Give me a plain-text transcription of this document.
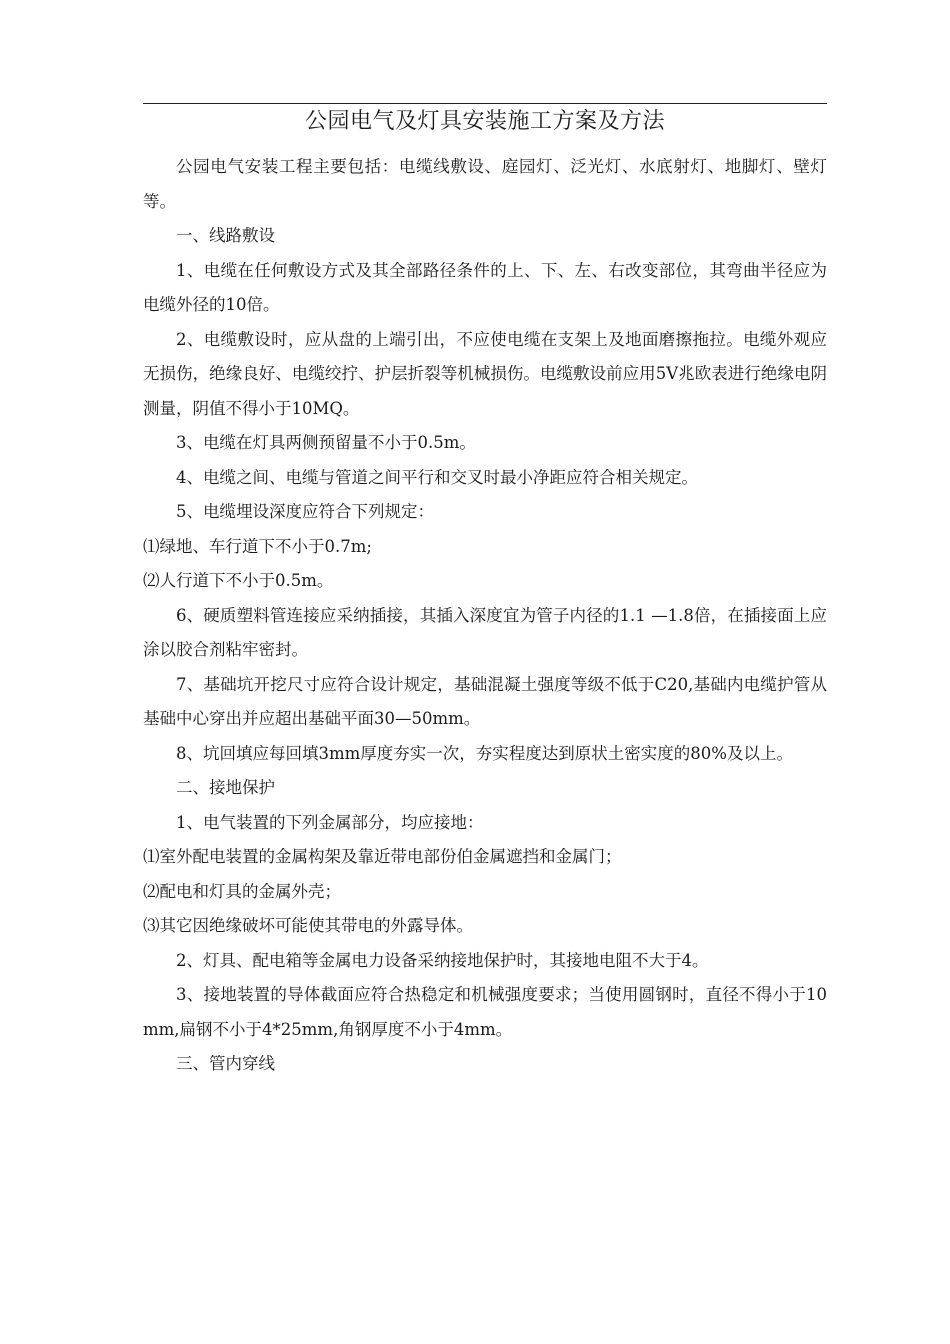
公园电气及灯具安装施工方案及方法

公园电气安装工程主要包括：电缆线敷设、庭园灯、泛光灯、水底射灯、地脚灯、壁灯等。

一、线路敷设

1、电缆在任何敷设方式及其全部路径条件的上、下、左、右改变部位，其弯曲半径应为电缆外径的10倍。

2、电缆敷设时，应从盘的上端引出，不应使电缆在支架上及地面磨擦拖拉。电缆外观应无损伤，绝缘良好、电缆绞拧、护层折裂等机械损伤。电缆敷设前应用5V兆欧表进行绝缘电阴测量，阴值不得小于10MQ。

3、电缆在灯具两侧预留量不小于0.5m。

4、电缆之间、电缆与管道之间平行和交叉时最小净距应符合相关规定。

5、电缆埋设深度应符合下列规定：

⑴绿地、车行道下不小于0.7m;

⑵人行道下不小于0.5m。

6、硬质塑料管连接应采纳插接，其插入深度宜为管子内径的1.1 —1.8倍，在插接面上应涂以胶合剂粘牢密封。

7、基础坑开挖尺寸应符合设计规定，基础混凝土强度等级不低于C20,基础内电缆护管从基础中心穿出并应超出基础平面30—50mm。

8、坑回填应每回填3mm厚度夯实一次，夯实程度达到原状土密实度的80%及以上。

二、接地保护

1、电气装置的下列金属部分，均应接地：

⑴室外配电装置的金属构架及靠近带电部份伯金属遮挡和金属门；

⑵配电和灯具的金属外壳；

⑶其它因绝缘破坏可能使其带电的外露导体。

2、灯具、配电箱等金属电力设备采纳接地保护时，其接地电阻不大于4。

3、接地装置的导体截面应符合热稳定和机械强度要求；当使用圆钢时，直径不得小于10mm,扁钢不小于4*25mm,角钢厚度不小于4mm。

三、管内穿线
